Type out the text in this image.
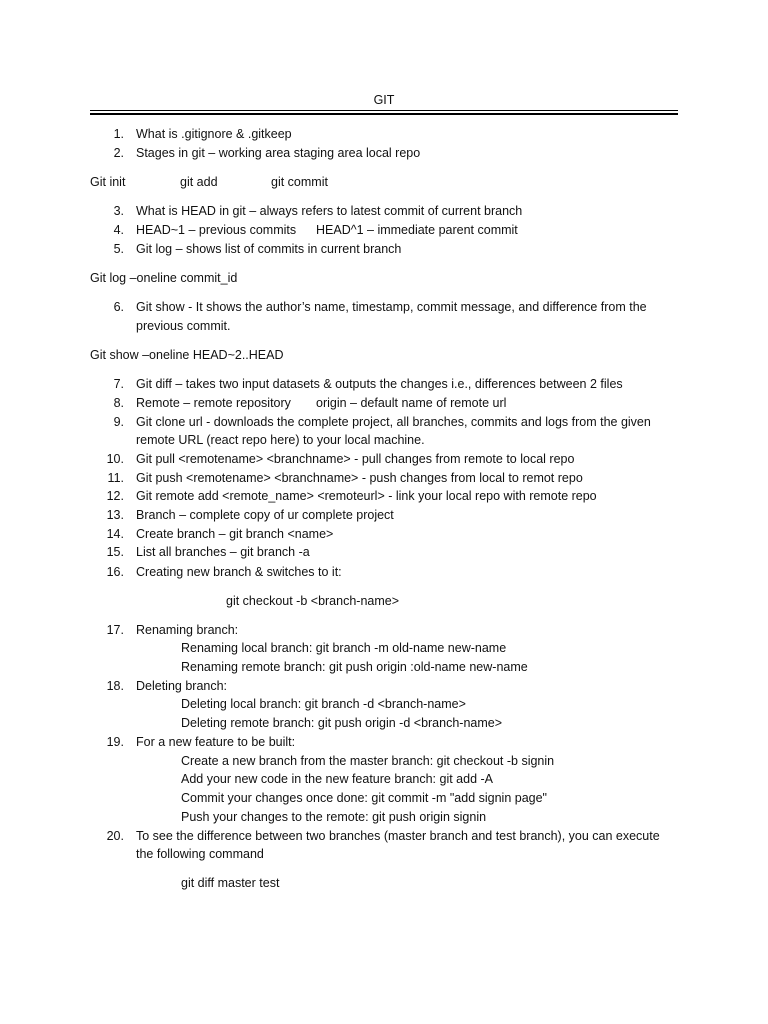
GIT
1. What is .gitignore & .gitkeep
2. Stages in git – working area staging area local repo
Git init	git add	git commit
3. What is HEAD in git – always refers to latest commit of current branch
4. HEAD~1 – previous commits HEAD^1 – immediate parent commit
5. Git log – shows list of commits in current branch
Git log –oneline commit_id
6. Git show - It shows the author’s name, timestamp, commit message, and difference from the
previous commit.
Git show –oneline HEAD~2..HEAD
7. Git diff – takes two input datasets & outputs the changes i.e., differences between 2 files
8. Remote – remote repository origin – default name of remote url
9. Git clone url - downloads the complete project, all branches, commits and logs from the given
remote URL (react repo here) to your local machine.
10. Git pull <remotename> <branchname> - pull changes from remote to local repo
11. Git push <remotename> <branchname> - push changes from local to remot repo
12. Git remote add <remote_name> <remoteurl> - link your local repo with remote repo
13. Branch – complete copy of ur complete project
14. Create branch – git branch <name>
15. List all branches – git branch -a
16. Creating new branch & switches to it:
git checkout -b <branch-name>
17. Renaming branch:
Renaming local branch: git branch -m old-name new-name
Renaming remote branch: git push origin :old-name new-name
18. Deleting branch:
Deleting local branch: git branch -d <branch-name>
Deleting remote branch: git push origin -d <branch-name>
19. For a new feature to be built:
Create a new branch from the master branch: git checkout -b signin
Add your new code in the new feature branch: git add -A
Commit your changes once done: git commit -m "add signin page"
Push your changes to the remote: git push origin signin
20. To see the difference between two branches (master branch and test branch), you can execute
the following command
git diff master test
